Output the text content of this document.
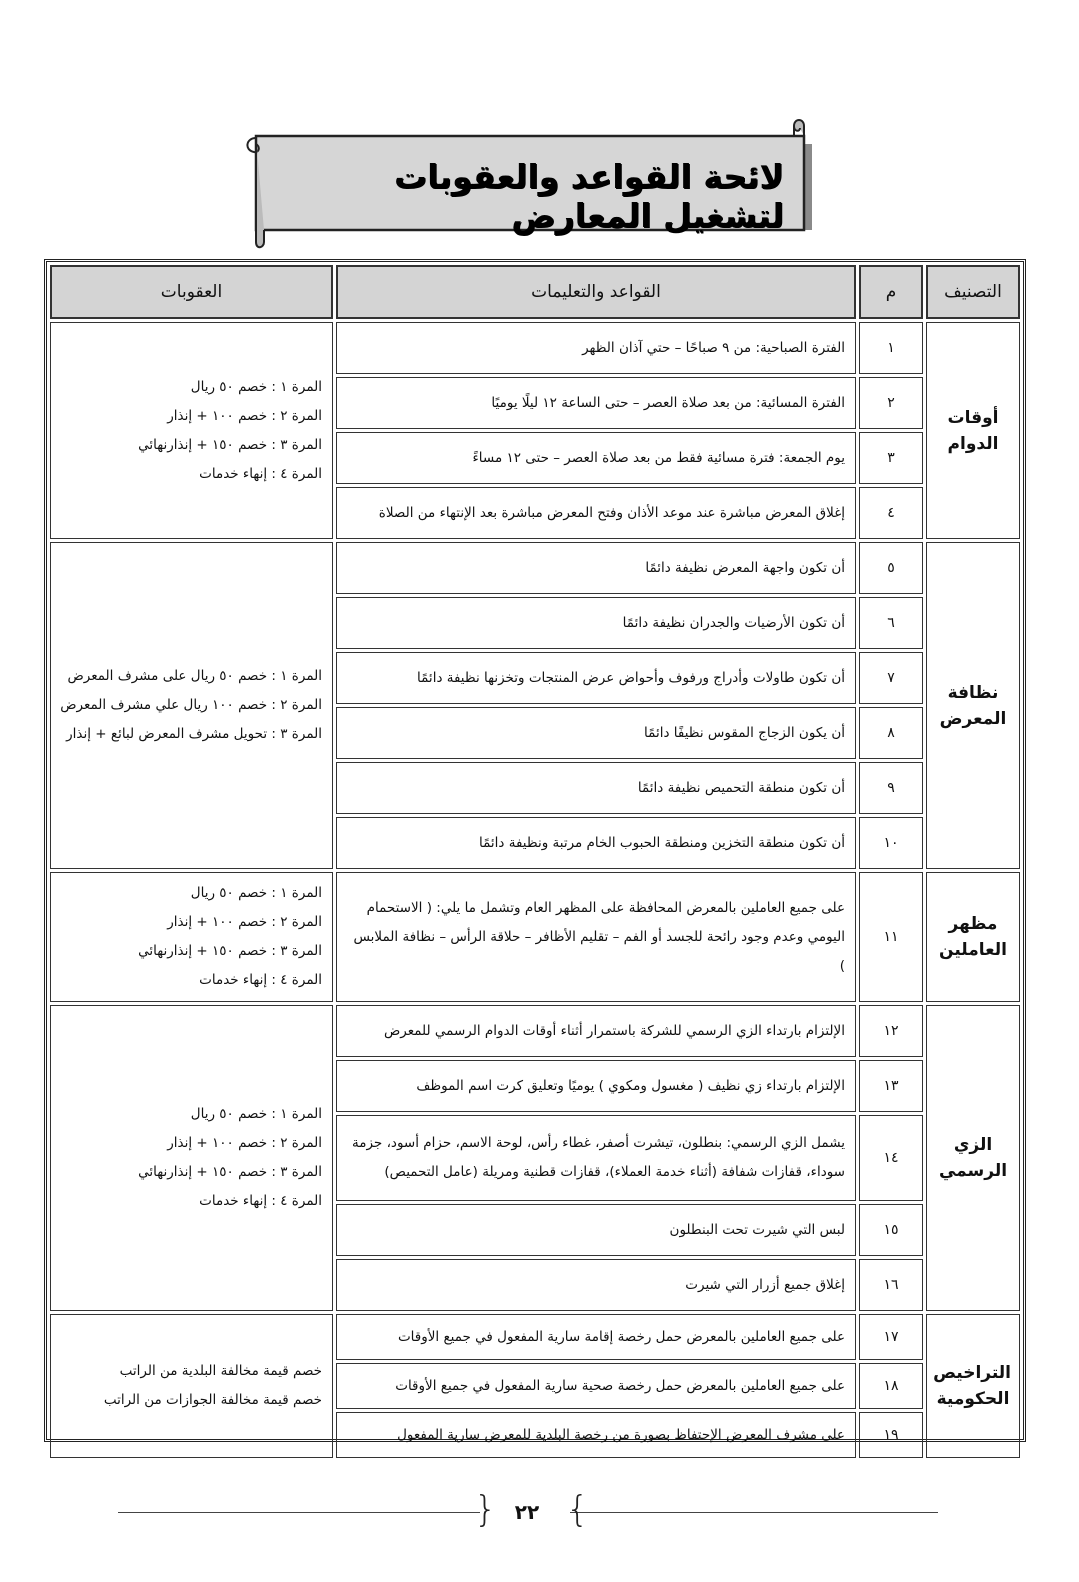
لائحة القواعد والعقوبات لتشغيل المعارض
التصنيف	م	القواعد والتعليمات	العقوبات

أوقات
الدوام	١	الفترة الصباحية: من ٩ صباحًا – حتي آذان الظهر	المرة ١ : خصم ٥٠ ريال
المرة ٢ : خصم ١٠٠ + إنذار
المرة ٣ : خصم ١٥٠ + إنذارنهائي
المرة ٤ : إنهاء خدمات

	٢	الفترة المسائية: من بعد صلاة العصر – حتى الساعة ١٢ ليلًا يوميًا	
	٣	يوم الجمعة: فترة مسائية فقط من بعد صلاة العصر – حتى ١٢ مساءً	
	٤	إغلاق المعرض مباشرة عند موعد الأذان وفتح المعرض مباشرة بعد الإنتهاء من الصلاة	

نظافة
المعرض	٥	أن تكون واجهة المعرض نظيفة دائمًا	المرة ١ : خصم ٥٠ ريال على مشرف المعرض
المرة ٢ : خصم ١٠٠ ريال علي مشرف المعرض
المرة ٣ : تحويل مشرف المعرض لبائع + إنذار

	٦	أن تكون الأرضيات والجدران نظيفة دائمًا	
	٧	أن تكون طاولات وأدراج ورفوف وأحواض عرض المنتجات وتخزنها نظيفة دائمًا	
	٨	أن يكون الزجاج المقوس نظيفًا دائمًا	
	٩	أن تكون منطقة التحميص نظيفة دائمًا	
	١٠	أن تكون منطقة التخزين ومنطقة الحبوب الخام مرتبة ونظيفة دائمًا	

مظهر
العاملين	١١	على جميع العاملين بالمعرض المحافظة على المظهر العام وتشمل ما يلي: ( الاستحمام اليومي وعدم وجود رائحة للجسد أو الفم – تقليم الأظافر – حلاقة الرأس – نظافة الملابس )	المرة ١ : خصم ٥٠ ريال
المرة ٢ : خصم ١٠٠ + إنذار
المرة ٣ : خصم ١٥٠ + إنذارنهائي
المرة ٤ : إنهاء خدمات

الزي
الرسمي	١٢	الإلتزام بارتداء الزي الرسمي للشركة باستمرار أثناء أوقات الدوام الرسمي للمعرض	المرة ١ : خصم ٥٠ ريال
المرة ٢ : خصم ١٠٠ + إنذار
المرة ٣ : خصم ١٥٠ + إنذارنهائي
المرة ٤ : إنهاء خدمات

	١٣	الإلتزام بارتداء زي نظيف ( مغسول ومكوي ) يوميًا وتعليق كرت اسم الموظف	
	١٤	يشمل الزي الرسمي: بنطلون، تيشرت أصفر، غطاء رأس، لوحة الاسم، حزام أسود، جزمة سوداء، قفازات شفافة (أثناء خدمة العملاء)، قفازات قطنية ومريلة (عامل التحميص)	
	١٥	لبس التي شيرت تحت البنطلون	
	١٦	إغلاق جميع أزرار التي شيرت	

التراخيص
الحكومية	١٧	على جميع العاملين بالمعرض حمل رخصة إقامة سارية المفعول في جميع الأوقات	خصم قيمة مخالفة البلدية من الراتب
خصم قيمة مخالفة الجوازات من الراتب

	١٨	على جميع العاملين بالمعرض حمل رخصة صحية سارية المفعول في جميع الأوقات	
	١٩	على مشرف المعرض الإحتفاظ بصورة من رخصة البلدية للمعرض سارية المفعول	
{ ٢٢ }
